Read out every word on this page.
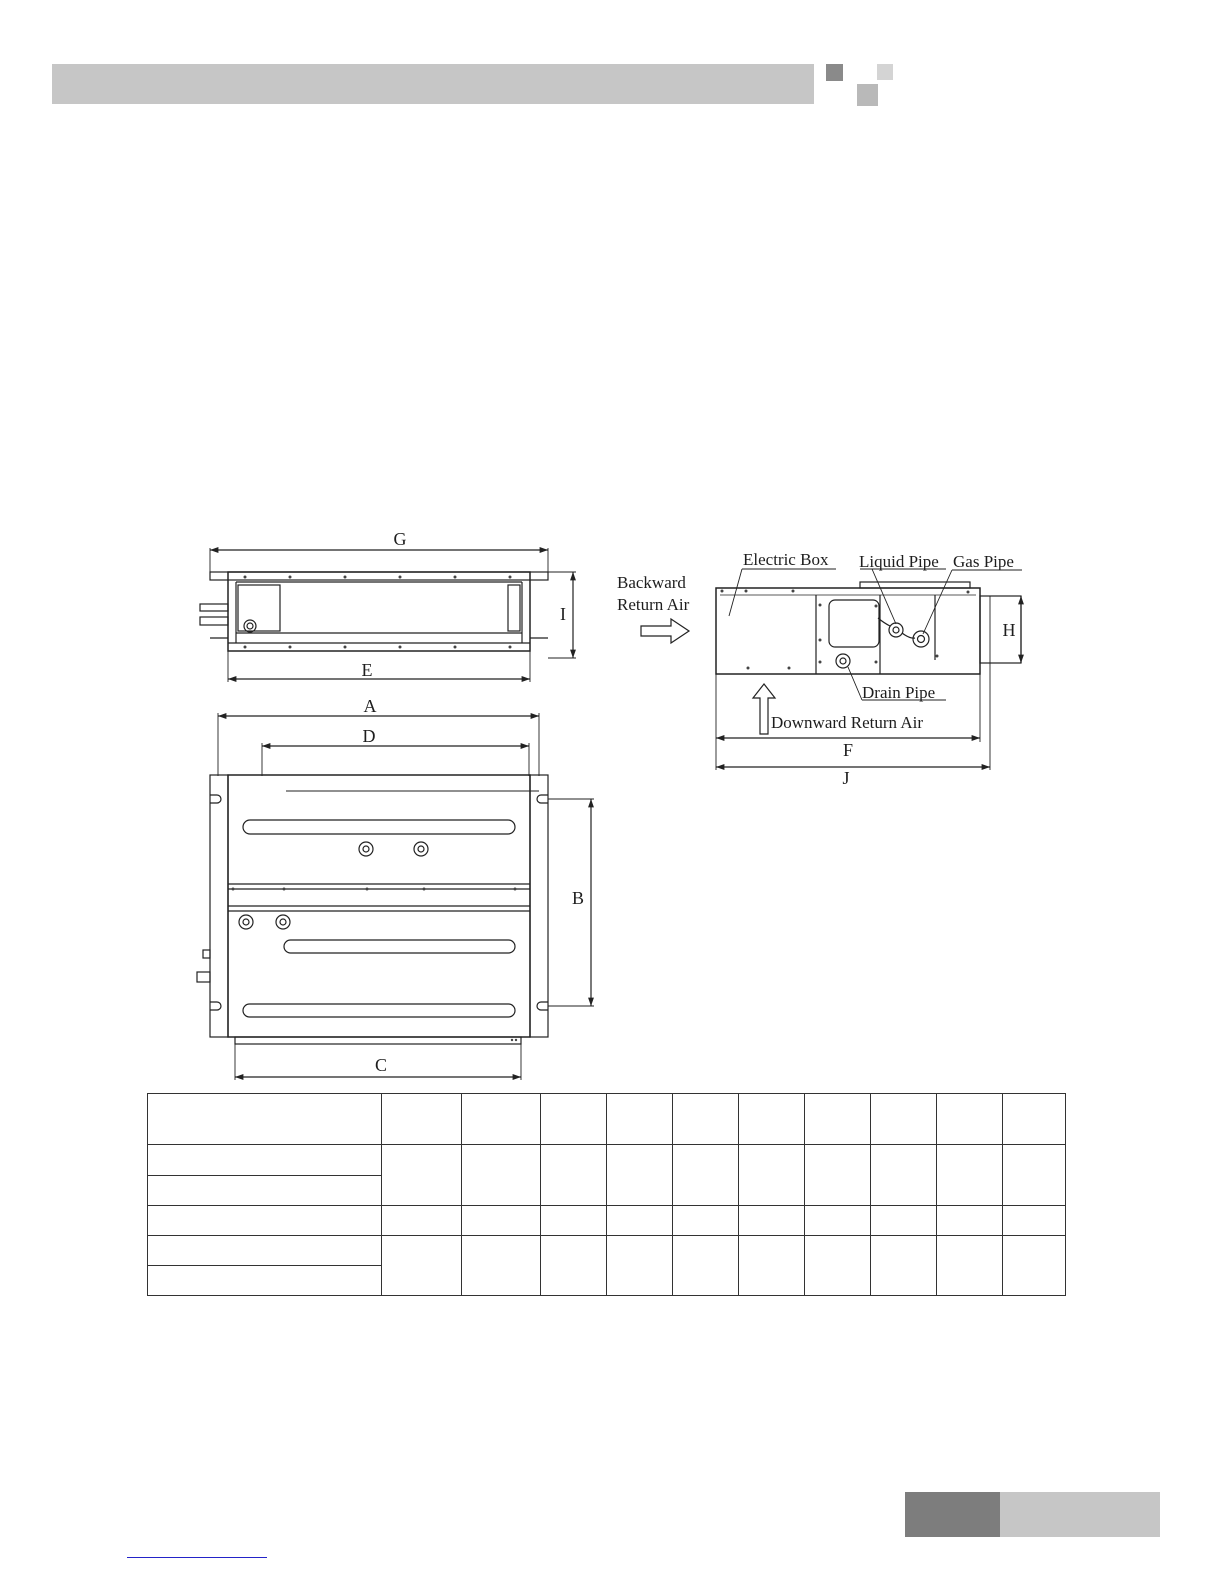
G
I
E
A
D
B
C
Backward
Return Air
Electric Box Liquid Pipe Gas Pipe
Drain Pipe
Downward Return Air
H
F
J
